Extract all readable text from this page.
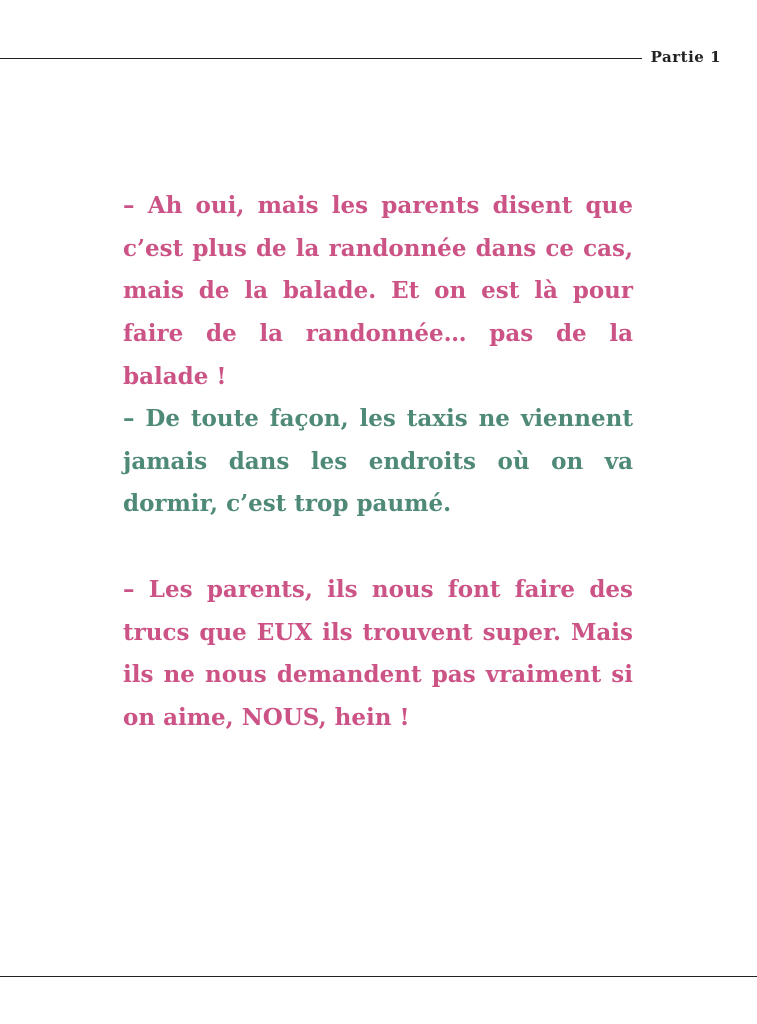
Partie 1

– Ah oui, mais les parents disent que c’est plus de la randonnée dans ce cas, mais de la balade. Et on est là pour faire de la randonnée… pas de la balade !

– De toute façon, les taxis ne viennent jamais dans les endroits où on va dormir, c’est trop paumé.

– Les parents, ils nous font faire des trucs que EUX ils trouvent super. Mais ils ne nous demandent pas vraiment si on aime, NOUS, hein !
